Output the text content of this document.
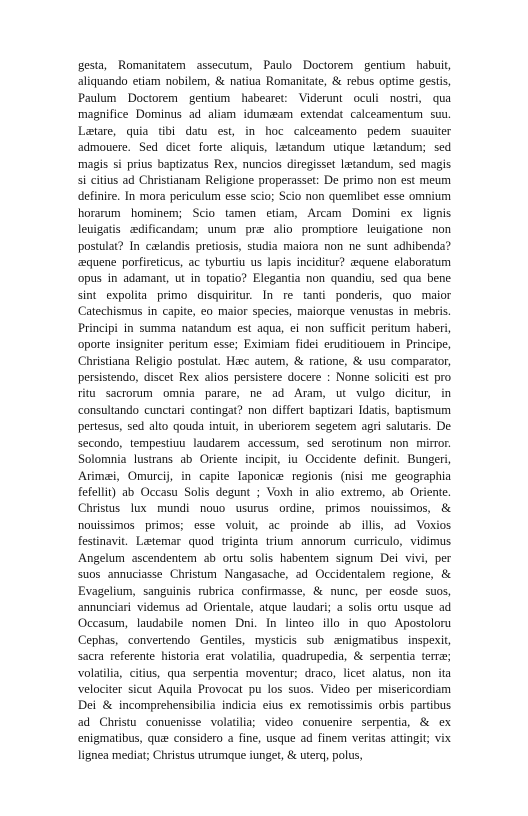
gesta, Romanitatem assecutum, Paulo Doctorem gentium habuit,
aliquando etiam nobilem, & natiua Romanitate, & rebus optime gestis,
Paulum Doctorem gentium habearet: Viderunt oculi nostri, qua
magnifice Dominus ad aliam idumæam extendat calceamentum suu.
Lætare, quia tibi datu est, in hoc calceamento pedem suauiter
admouere. Sed dicet forte aliquis, lætandum utique lætandum; sed
magis si prius baptizatus Rex, nuncios diregisset lætandum, sed magis
si citius ad Christianam Religione properasset: De primo non est meum
definire. In mora periculum esse scio; Scio non quemlibet esse omnium
horarum hominem; Scio tamen etiam, Arcam Domini ex lignis
leuigatis ædificandam; unum præ alio promptiore leuigatione non
postulat? In cælandis pretiosis, studia maiora non ne sunt adhibenda?
æquene porfireticus, ac tyburtiu us lapis inciditur? æquene elaboratum
opus in adamant, ut in topatio? Elegantia non quandiu, sed qua bene
sint expolita primo disquiritur. In re tanti ponderis, quo maior
Catechismus in capite, eo maior species, maiorque venustas in mebris.
Principi in summa natandum est aqua, ei non sufficit peritum haberi,
oporte insigniter peritum esse; Eximiam fidei eruditiouem in Principe,
Christiana Religio postulat. Hæc autem, & ratione, & usu comparator,
persistendo, discet Rex alios persistere docere : Nonne soliciti est pro
ritu sacrorum omnia parare, ne ad Aram, ut vulgo dicitur, in
consultando cunctari contingat? non differt baptizari Idatis, baptismum
pertesus, sed alto qouda intuit, in uberiorem segetem agri salutaris. De
secondo, tempestiuu laudarem accessum, sed serotinum non mirror.
Solomnia lustrans ab Oriente incipit, iu Occidente definit. Bungeri,
Arimæi, Omurcij, in capite Iaponicæ regionis (nisi me geographia
fefellit) ab Occasu Solis degunt ; Voxh in alio extremo, ab Oriente.
Christus lux mundi nouo usurus ordine, primos nouissimos, &
nouissimos primos; esse voluit, ac proinde ab illis, ad Voxios
festinavit. Lætemar quod triginta trium annorum curriculo, vidimus
Angelum ascendentem ab ortu solis habentem signum Dei vivi, per
suos annuciasse Christum Nangasache, ad Occidentalem regione, &
Evagelium, sanguinis rubrica confirmasse, & nunc, per eosde suos,
annunciari videmus ad Orientale, atque laudari; a solis ortu usque ad
Occasum, laudabile nomen Dni. In linteo illo in quo Apostoloru
Cephas, convertendo Gentiles, mysticis sub ænigmatibus inspexit,
sacra referente historia erat volatilia, quadrupedia, & serpentia terræ;
volatilia, citius, qua serpentia moventur; draco, licet alatus, non ita
velociter sicut Aquila Provocat pu los suos. Video per misericordiam
Dei & incomprehensibilia indicia eius ex remotissimis orbis partibus
ad Christu conuenisse volatilia; video conuenire serpentia, & ex
enigmatibus, quæ considero a fine, usque ad finem veritas attingit; vix
lignea mediat; Christus utrumque iunget, & uterq, polus,
